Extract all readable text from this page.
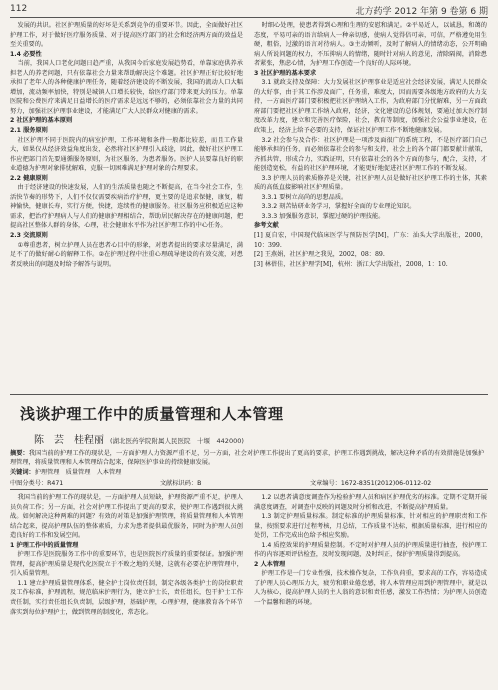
112	北方药学 2012 年第 9 卷第 6 期

发展的共识。社区护理质量的好坏是关系到竞争的重要环节。因此，全面做好社区护理工作，对于做好医疗服务质量、对于提高医疗部门的社会和经济两方面的效益是至关重要的。

1.4 必要性

当前，我国人口老化问题日趋严重，从我国今后家庭发展趋势看，单靠家庭供养承担老人的养老问题，只有依靠社会力量来帮助解决这个难题。社区护理正好比较好地承担了老年人的各种健康护理任务，随着经济建设的不断发展，我国的流动人口大幅增加，流动频率加快，特别是城镇人口增长较快，给医疗部门带来更大的压力。单靠医院和公费医疗来满足日益增长的医疗需求是远远不够的，必须依靠社会力量的共同努力，加强社区护理事业建设，才能满足广大人民群众对健康的需求。

2 社区护理的基本原则

2.1 服务原则

社区护理不同于医院内的病室护理，工作环境和条件一般都比较差，而且工作量大，如果仅从经济效益角度出发，必然将社区护理引入歧途，因此，做好社区护理工作应把部门首先要通循服务原则，为社区服务，为患者服务。医护人员要靠良好的职业道德为护理对象排忧解难，克服一切困难满足护理对象的合理要求。

2.2 健康原则

由于经济建设的快速发展，人们的生活质量也随之不断提高，在当今社会工作，生活快节奏的形势下，人们不仅仅需要疾病治疗护理，更主要的是追求保健，康复，精神愉快，健康长寿，实行方便，快捷，连续性的健康服务。社区服务应积极适应这种需求，把治疗护理病人与人们的健康护理相结合，帮助居民解决存在的健康问题，把提高社区整体人群的身体，心理，社会健康水平作为社区护理工作的中心任务。

2.3 交流原则

①尊重患者，树立护理人员在患者心目中的形象，对患者提出的要求尽量满足，满足不了的做好耐心的解释工作。②在护理过程中注重心理疏导建设的有效交流，对患者反映出的问题及时给予解答与说明。

时细心处理，使患者得到心理和生理的安慰和满足。②平易近人，以诚恳，和蔼的态度，平易可亲的语言给病人一种亲切感，使病人觉得倍可亲，可信，严格遵免用生硬，粗俗，过激的语言对待病人。③主动倾听，及时了解病人的情绪动态，公开明确病人所说问题的权力，不压抑病人的情绪，随时针对病人的意见，清除隔阂，消除患者紧张，焦虑心情，为护理工作创造一个良好的人际环境。

3 社区护理的基本要求

3.1 就政支持及保障：大力发展社区护理事业是适应社会经济发展，满足人民群众的大好事，由于其工作涉及面广，任务重，难度大，因而需要各级地方政府的大力支持，一方面医疗部门要积极把社区护理纳入工作，为政府部门分忧解难，另一方面政府部门要把社区护理工作纳入政府，经济，文化建设的总体规划，要通过加大医疗制度改革力度，建立和完善医疗保险，社会，教育等制度，加强社会公益事业建设，在政策上，经济上给予必要的支持，保证社区护理工作不断地健康发展。

3.2 社会参与及合作：社区护理是一项涉及面很广的系统工程，不是医疗部门自己能够承担的任务，而必须依靠社会的参与和支持，社会上的各个部门都要献计献策，齐抓共管，形成合力，实践证明，只有依靠社会的各个方面的参与，配合，支持，才能创造宽松，有益的社区护理环境，才能更好地促进社区护理工作的不断发展。

3.3 护理人员的素质修养是关键，社区护理人员是做好社区护理工作的主体，其素质的高低直接影响社区护理质量。

3.3.1 要树立高尚的思想品质。

3.3.2 刻苦钻研业务学习，掌握好全面的专业理论知识。

3.3.3 加强服务意识，掌握过硬的护理技能。

参考文献

[1] 夏自宏，中国现代临床医学与预防医学[M]，广东：汕头大学出版社，2000，10：399.

[2] 王燕娟，社区护理之我见，2002，08：89.

[3] 林蓓佳，社区护理学[M]，杭州：浙江大学出版社，2008，1：10.

浅谈护理工作中的质量管理和人本管理
陈　芸　桂程丽 (湖北医药学院附属人民医院　十堰　442000)

摘要：我国当前的护理工作的现状是，一方面护理人力资源严重不足，另一方面，社会对护理工作提出了更高的要求，护理工作遇到挑战，解决这种矛盾的有效措施是加强护理管理，将质量管理和人本管理结合起来，保障医护事业的持续健康发展。

关键词：护理管理　质量管理　人本管理

中图分类号：R471	文献标识码：B	文章编号：1672-8351(2012)06-0112-02

我国当前的护理工作的现状是，一方面护理人员短缺，护理资源严重不足，护理人员负荷工作；另一方面，社会对护理工作提出了更高的要求，使护理工作遇到很大挑战。如何解决这种两难的问题？有效的对策是加强护理管理，将质量管理和人本管理结合起来，提高护理队伍的整体素质，力求为患者提供最优服务，同时为护理人员创造良好的工作和发展空间。

1 护理工作中的质量管理

护理工作是医院服务工作中的重要环节，也是医院医疗质量的重要保证。加强护理管理，提高护理质量是现代化医院立于不败之地的关键，这就有必要在护理管理中，引入质量管理。

1.1 建立护理质量管理体系，健全护士岗位责任制，制定各级各类护士的岗位职责及工作标准，护理流程，规范临床护理行为，建立护士长，责任组长，包干护士工作责任制，实行责任组长负责制，层级护理，基础护理，心理护理，健康教育各个环节落实到每位护理护士，做到管理的制度化，常态化。

1.2 以患者满意度调查作为检验护理人员和病区护理优劣的标准。定期不定期开展满意度调查，对调查中反映的问题及时分析和改进，不断提高护理质量。

1.3 制定护理质量标准。制定标准的护理质量标准，针对相应的护理职责和工作量，按照要求进行过程考核，月总结，工作质量不达标，根据质量标准，进行相应的处罚，工作完成出色给予相应奖励。

1.4 质控效果的护理质量控制。不定时对护理人员的护理质量进行抽查，按护理工作的内容逐项评估检查，及时发现问题，及时纠正，保护护理质量得到提高。

2 人本管理

护理工作是一门专业性强，技术操作复杂，工作负荷重，要求高的工作，容易造成了护理人员心理压力大，疲劳和职业倦怠感，将人本管理应用到护理管理中，就是以人为核心，提高护理人员的主人翁的意识和责任感，激发工作热情；为护理人员创造一个温馨和谐的环境。
